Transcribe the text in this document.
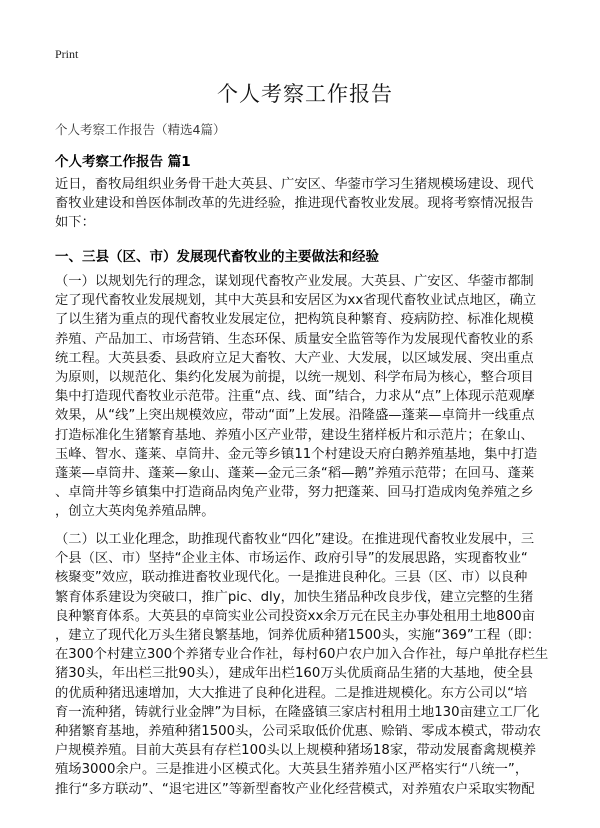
Print
个人考察工作报告
个人考察工作报告（精选4篇）
个人考察工作报告 篇1
近日，畜牧局组织业务骨干赴大英县、广安区、华蓥市学习生猪规模场建设、现代
畜牧业建设和兽医体制改革的先进经验，推进现代畜牧业发展。现将考察情况报告
如下：
一、三县（区、市）发展现代畜牧业的主要做法和经验
（一）以规划先行的理念，谋划现代畜牧产业发展。大英县、广安区、华蓥市都制
定了现代畜牧业发展规划，其中大英县和安居区为xx省现代畜牧业试点地区，确立
了以生猪为重点的现代畜牧业发展定位，把构筑良种繁育、疫病防控、标准化规模
养殖、产品加工、市场营销、生态环保、质量安全监管等作为发展现代畜牧业的系
统工程。大英县委、县政府立足大畜牧、大产业、大发展，以区域发展、突出重点
为原则，以规范化、集约化发展为前提，以统一规划、科学布局为核心，整合项目
集中打造现代畜牧业示范带。注重“点、线、面”结合，力求从“点”上体现示范观摩
效果，从“线”上突出规模效应，带动“面”上发展。沿隆盛—蓬莱—卓筒井一线重点
打造标准化生猪繁育基地、养殖小区产业带，建设生猪样板片和示范片；在象山、
玉峰、智水、蓬莱、卓筒井、金元等乡镇11个村建设天府白鹅养殖基地，集中打造
蓬莱—卓筒井、蓬莱—象山、蓬莱—金元三条“稻—鹅”养殖示范带；在回马、蓬莱
、卓筒井等乡镇集中打造商品肉兔产业带，努力把蓬莱、回马打造成肉兔养殖之乡
，创立大英肉兔养殖品牌。
（二）以工业化理念，助推现代畜牧业“四化”建设。在推进现代畜牧业发展中，三
个县（区、市）坚持“企业主体、市场运作、政府引导”的发展思路，实现畜牧业“
核聚变”效应，联动推进畜牧业现代化。一是推进良种化。三县（区、市）以良种
繁育体系建设为突破口，推广pic、dly，加快生猪品种改良步伐，建立完整的生猪
良种繁育体系。大英县的卓筒实业公司投资xx余万元在民主办事处租用土地800亩
，建立了现代化万头生猪良繁基地，饲养优质种猪1500头，实施“369”工程（即：
在300个村建立300个养猪专业合作社，每村60户农户加入合作社，每户单批存栏生
猪30头，年出栏三批90头），建成年出栏160万头优质商品生猪的大基地，使全县
的优质种猪迅速增加，大大推进了良种化进程。二是推进规模化。东方公司以“培
育一流种猪，铸就行业金牌”为目标，在隆盛镇三家店村租用土地130亩建立工厂化
种猪繁育基地，养殖种猪1500头，公司采取低价优惠、赊销、零成本模式，带动农
户规模养殖。目前大英县有存栏100头以上规模种猪场18家，带动发展畜禽规模养
殖场3000余户。三是推进小区模式化。大英县生猪养殖小区严格实行“八统一”，
推行“多方联动”、“退宅进区”等新型畜牧产业化经营模式，对养殖农户采取实物配
